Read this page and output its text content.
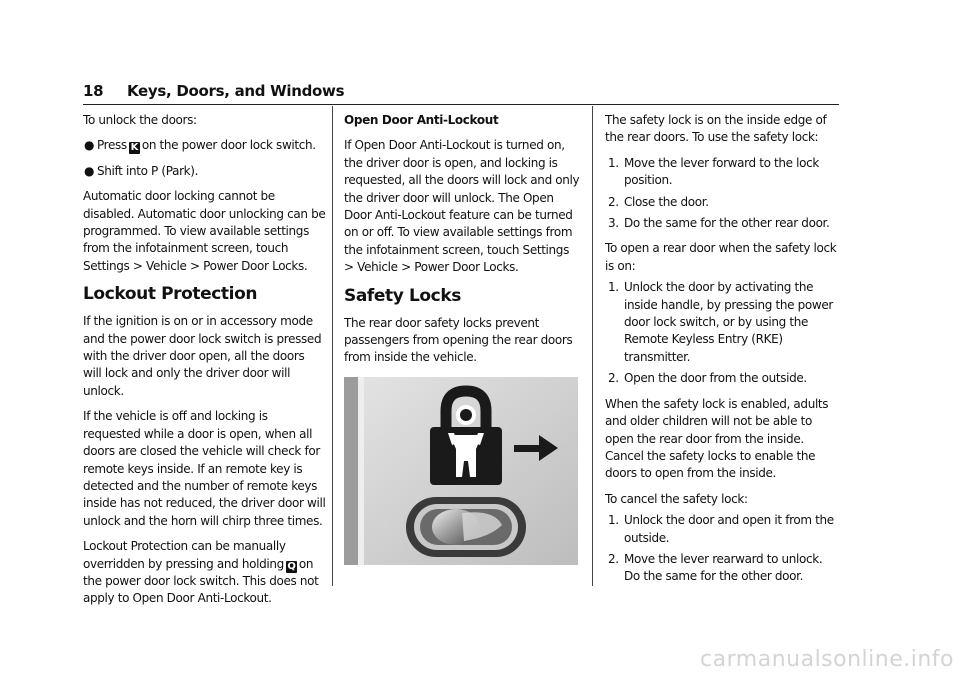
18 Keys, Doors, and Windows

To unlock the doors:

● Press K on the power door lock switch.
● Shift into P (Park).

Automatic door locking cannot be disabled. Automatic door unlocking can be programmed. To view available settings from the infotainment screen, touch Settings > Vehicle > Power Door Locks.

Lockout Protection

If the ignition is on or in accessory mode and the power door lock switch is pressed with the driver door open, all the doors will lock and only the driver door will unlock.

If the vehicle is off and locking is requested while a door is open, when all doors are closed the vehicle will check for remote keys inside. If an remote key is detected and the number of remote keys inside has not reduced, the driver door will unlock and the horn will chirp three times.

Lockout Protection can be manually overridden by pressing and holding Q on the power door lock switch. This does not apply to Open Door Anti-Lockout.

Open Door Anti-Lockout

If Open Door Anti-Lockout is turned on, the driver door is open, and locking is requested, all the doors will lock and only the driver door will unlock. The Open Door Anti-Lockout feature can be turned on or off. To view available settings from the infotainment screen, touch Settings > Vehicle > Power Door Locks.

Safety Locks

The rear door safety locks prevent passengers from opening the rear doors from inside the vehicle.

The safety lock is on the inside edge of the rear doors. To use the safety lock:

1. Move the lever forward to the lock position.
2. Close the door.
3. Do the same for the other rear door.

To open a rear door when the safety lock is on:

1. Unlock the door by activating the inside handle, by pressing the power door lock switch, or by using the Remote Keyless Entry (RKE) transmitter.
2. Open the door from the outside.

When the safety lock is enabled, adults and older children will not be able to open the rear door from the inside. Cancel the safety locks to enable the doors to open from the inside.

To cancel the safety lock:

1. Unlock the door and open it from the outside.
2. Move the lever rearward to unlock. Do the same for the other door.
carmanualsonline.info
